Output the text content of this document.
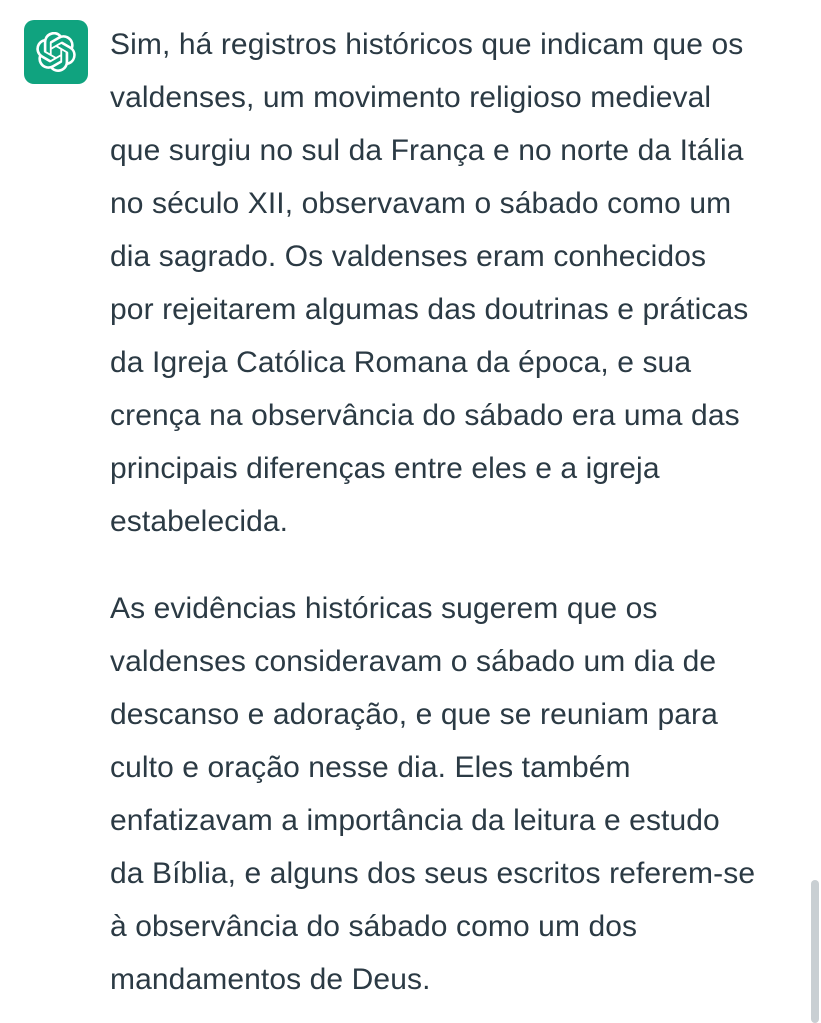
Sim, há registros históricos que indicam que os valdenses, um movimento religioso medieval que surgiu no sul da França e no norte da Itália no século XII, observavam o sábado como um dia sagrado. Os valdenses eram conhecidos por rejeitarem algumas das doutrinas e práticas da Igreja Católica Romana da época, e sua crença na observância do sábado era uma das principais diferenças entre eles e a igreja estabelecida.

As evidências históricas sugerem que os valdenses consideravam o sábado um dia de descanso e adoração, e que se reuniam para culto e oração nesse dia. Eles também enfatizavam a importância da leitura e estudo da Bíblia, e alguns dos seus escritos referem-se à observância do sábado como um dos mandamentos de Deus.
